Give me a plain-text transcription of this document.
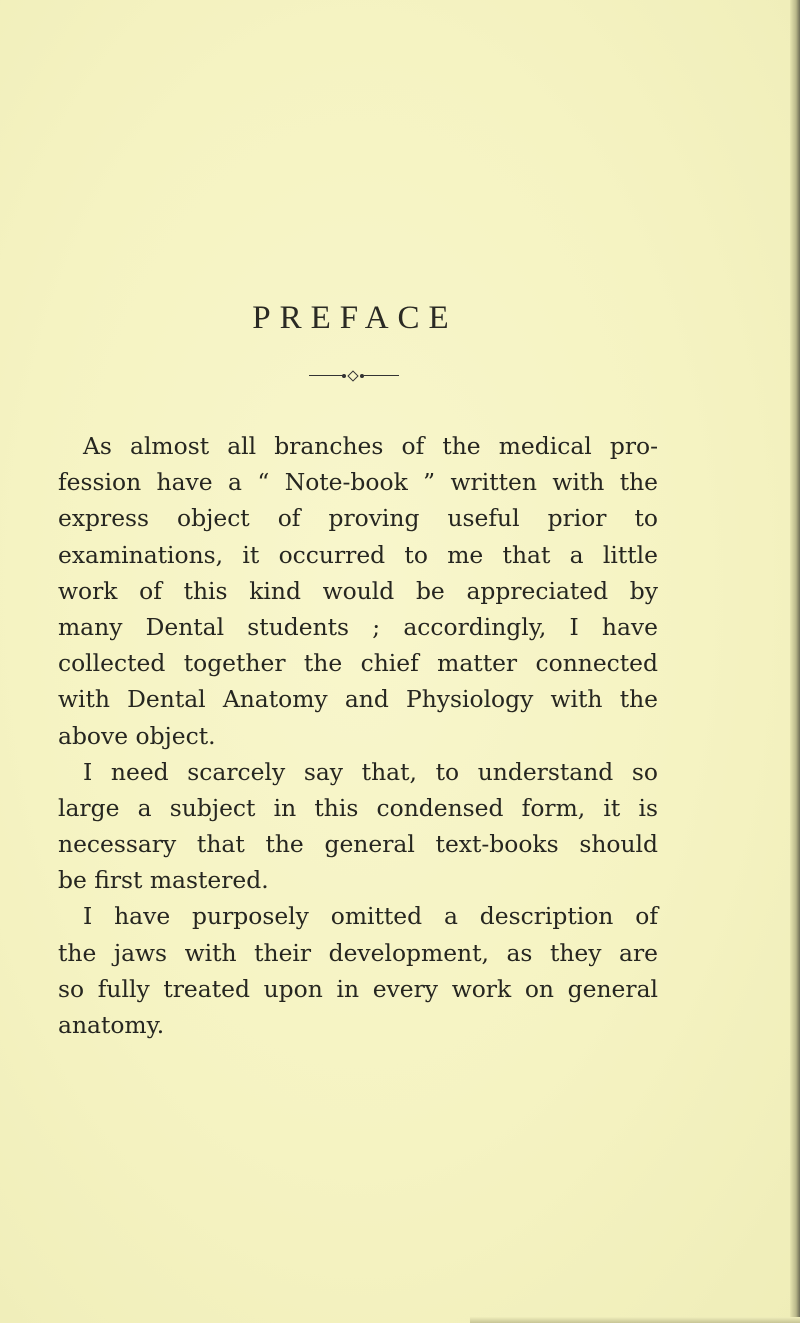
PREFACE
As almost all branches of the medical pro-
fession have a “ Note-book ” written with the
express object of proving useful prior to
examinations, it occurred to me that a little
work of this kind would be appreciated by
many Dental students ; accordingly, I have
collected together the chief matter connected
with Dental Anatomy and Physiology with the
above object.
I need scarcely say that, to understand so
large a subject in this condensed form, it is
necessary that the general text-books should
be first mastered.
I have purposely omitted a description of
the jaws with their development, as they are
so fully treated upon in every work on general
anatomy.
